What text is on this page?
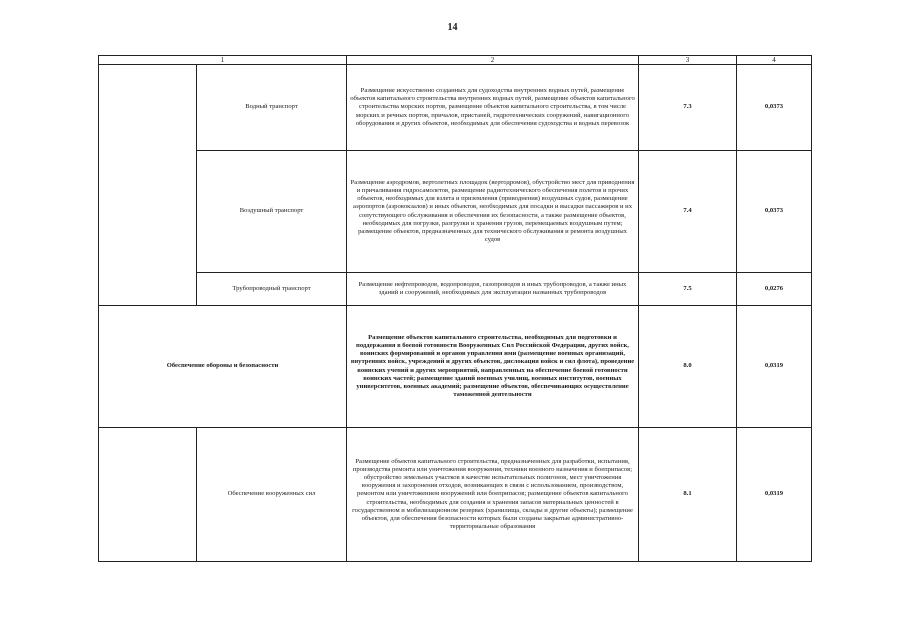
14
1		2	3	4
	Водный транспорт	Размещение искусственно созданных для судоходства внутренних водных путей, размещение объектов капитального строительства внутренних водных путей, размещение объектов капитального строительства морских портов, размещение объектов капитального строительства, в том числе морских и речных портов, причалов, пристаней, гидротехнических сооружений, навигационного оборудования и других объектов, необходимых для обеспечения судоходства и водных перевозок	7.3	0,0373
	Воздушный транспорт	Размещение аэродромов, вертолетных площадок (вертодромов), обустройство мест для приводнения и причаливания гидросамолетов, размещение радиотехнического обеспечения полетов и прочих объектов, необходимых для взлета и приземления (приводнения) воздушных судов, размещение аэропортов (аэровокзалов) и иных объектов, необходимых для посадки и высадки пассажиров и их сопутствующего обслуживания и обеспечения их безопасности, а также размещение объектов, необходимых для погрузки, разгрузки и хранения грузов, перемещаемых воздушным путем; размещение объектов, предназначенных для технического обслуживания и ремонта воздушных судов	7.4	0,0373
	Трубопроводный транспорт	Размещение нефтепроводов, водопроводов, газопроводов и иных трубопроводов, а также иных зданий и сооружений, необходимых для эксплуатации названных трубопроводов	7.5	0,0276
Обеспечение обороны и безопасности		Размещение объектов капитального строительства, необходимых для подготовки и поддержания в боевой готовности Вооруженных Сил Российской Федерации, других войск, воинских формирований и органов управления ими (размещение военных организаций, внутренних войск, учреждений и других объектов, дислокация войск и сил флота), проведение воинских учений и других мероприятий, направленных на обеспечение боевой готовности воинских частей; размещение зданий военных училищ, военных институтов, военных университетов, военных академий; размещение объектов, обеспечивающих осуществление таможенной деятельности	8.0	0,0319
	Обеспечение вооруженных сил	Размещение объектов капитального строительства, предназначенных для разработки, испытания, производства ремонта или уничтожения вооружения, техники военного назначения и боеприпасов; обустройство земельных участков в качестве испытательных полигонов, мест уничтожения вооружения и захоронения отходов, возникающих в связи с использованием, производством, ремонтом или уничтожением вооружений или боеприпасов; размещение объектов капитального строительства, необходимых для создания и хранения запасов материальных ценностей в государственном и мобилизационном резервах (хранилища, склады и другие объекты); размещение объектов, для обеспечения безопасности которых были созданы закрытые административно-территориальные образования	8.1	0,0319
